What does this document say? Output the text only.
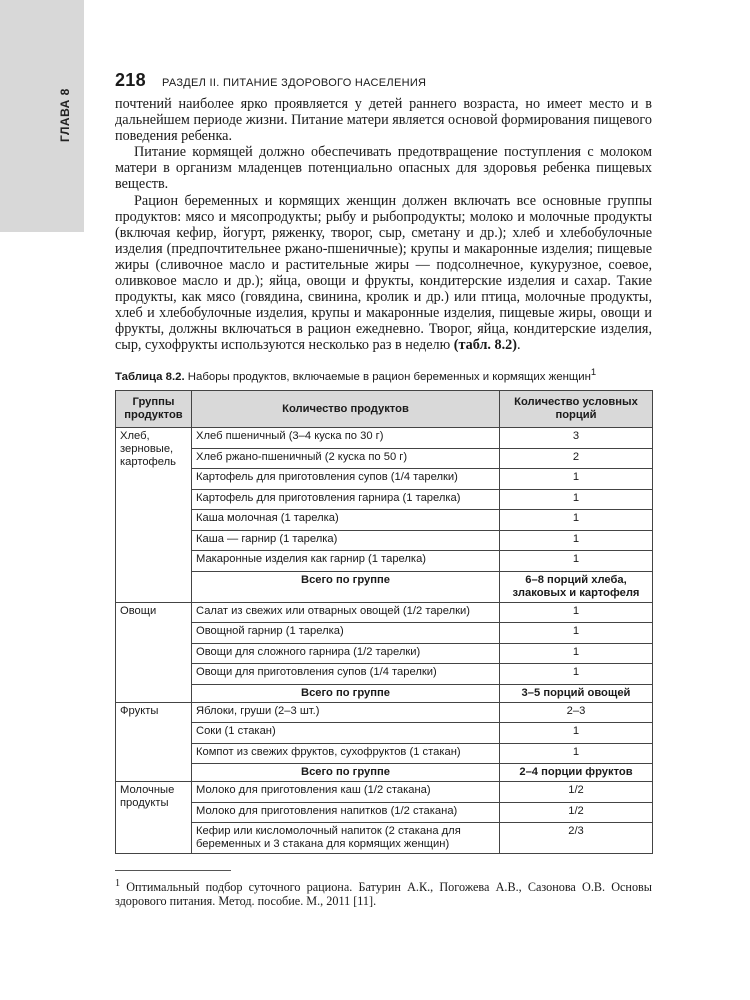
ГЛАВА 8
218 РАЗДЕЛ II. ПИТАНИЕ ЗДОРОВОГО НАСЕЛЕНИЯ

почтений наиболее ярко проявляется у детей раннего возраста, но имеет место и в дальнейшем периоде жизни. Питание матери является основой формирования пищевого поведения ребенка.

Питание кормящей должно обеспечивать предотвращение поступления с молоком матери в организм младенцев потенциально опасных для здоровья ребенка пищевых веществ.

Рацион беременных и кормящих женщин должен включать все основные группы продуктов: мясо и мясопродукты; рыбу и рыбопродукты; молоко и молочные продукты (включая кефир, йогурт, ряженку, творог, сыр, сметану и др.); хлеб и хлебобулочные изделия (предпочтительнее ржано-пшеничные); крупы и макаронные изделия; пищевые жиры (сливочное масло и растительные жиры — подсолнечное, кукурузное, соевое, оливковое масло и др.); яйца, овощи и фрукты, кондитерские изделия и сахар. Такие продукты, как мясо (говядина, свинина, кролик и др.) или птица, молочные продукты, хлеб и хлебобулочные изделия, крупы и макаронные изделия, пищевые жиры, овощи и фрукты, должны включаться в рацион ежедневно. Творог, яйца, кондитерские изделия, сыр, сухофрукты используются несколько раз в неделю (табл. 8.2).

Таблица 8.2. Наборы продуктов, включаемые в рацион беременных и кормящих женщин$^1$
Группы продуктов	Количество продуктов	Количество условных порций
Хлеб, зерновые, картофель	Хлеб пшеничный (3–4 куска по 30 г)	3
	Хлеб ржано-пшеничный (2 куска по 50 г)	2
	Картофель для приготовления супов (1/4 тарелки)	1
	Картофель для приготовления гарнира (1 тарелка)	1
	Каша молочная (1 тарелка)	1
	Каша — гарнир (1 тарелка)	1
	Макаронные изделия как гарнир (1 тарелка)	1
	Всего по группе	6–8 порций хлеба, злаковых и картофеля
Овощи	Салат из свежих или отварных овощей (1/2 тарелки)	1
	Овощной гарнир (1 тарелка)	1
	Овощи для сложного гарнира (1/2 тарелки)	1
	Овощи для приготовления супов (1/4 тарелки)	1
	Всего по группе	3–5 порций овощей
Фрукты	Яблоки, груши (2–3 шт.)	2–3
	Соки (1 стакан)	1
	Компот из свежих фруктов, сухофруктов (1 стакан)	1
	Всего по группе	2–4 порции фруктов
Молочные продукты	Молоко для приготовления каш (1/2 стакана)	1/2
	Молоко для приготовления напитков (1/2 стакана)	1/2
	Кефир или кисломолочный напиток (2 стакана для беременных и 3 стакана для кормящих женщин)	2/3
$^1$ Оптимальный подбор суточного рациона. Батурин А.К., Погожева А.В., Сазонова О.В. Основы здорового питания. Метод. пособие. М., 2011 [11].
